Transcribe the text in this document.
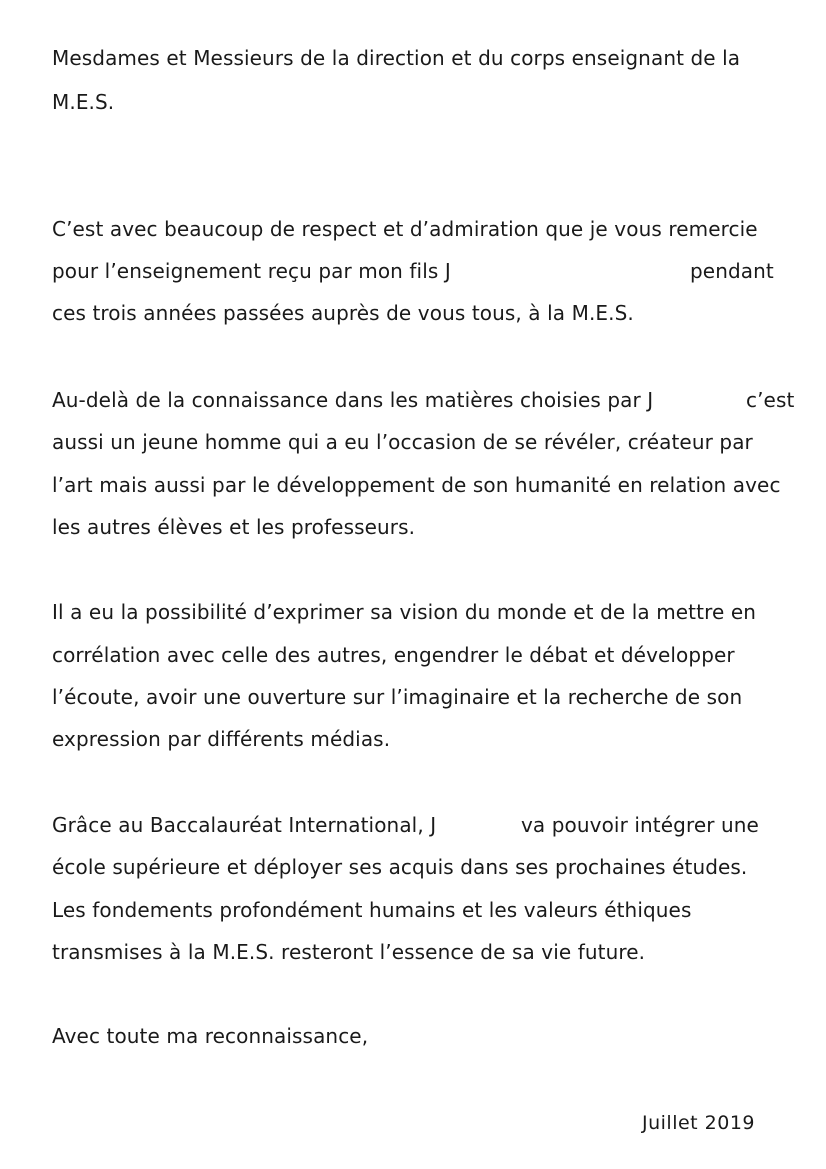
Mesdames et Messieurs de la direction et du corps enseignant de la
M.E.S.
C’est avec beaucoup de respect et d’admiration que je vous remercie
pour l’enseignement reçu par mon fils J	pendant
ces trois années passées auprès de vous tous, à la M.E.S.
Au-delà de la connaissance dans les matières choisies par J	c’est
aussi un jeune homme qui a eu l’occasion de se révéler, créateur par
l’art mais aussi par le développement de son humanité en relation avec
les autres élèves et les professeurs.
Il a eu la possibilité d’exprimer sa vision du monde et de la mettre en
corrélation avec celle des autres, engendrer le débat et développer
l’écoute, avoir une ouverture sur l’imaginaire et la recherche de son
expression par différents médias.
Grâce au Baccalauréat International, J	va pouvoir intégrer une
école supérieure et déployer ses acquis dans ses prochaines études.
Les fondements profondément humains et les valeurs éthiques
transmises à la M.E.S. resteront l’essence de sa vie future.
Avec toute ma reconnaissance,
Juillet 2019
